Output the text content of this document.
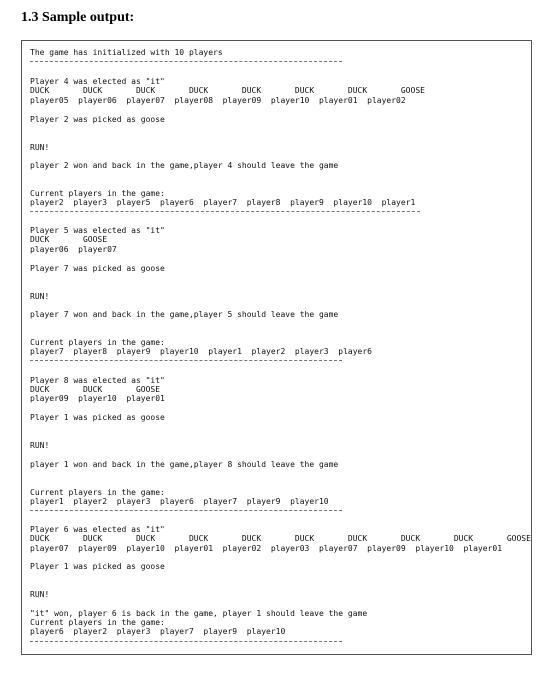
1.3 Sample output:
The game has initialized with 10 players
Player 4 was elected as "it"
DUCK       DUCK       DUCK       DUCK       DUCK       DUCK       DUCK       GOOSE
player05  player06  player07  player08  player09  player10  player01  player02
Player 2 was picked as goose
RUN!
player 2 won and back in the game,player 4 should leave the game
Current players in the game:
player2  player3  player5  player6  player7  player8  player9  player10  player1
Player 5 was elected as "it"
DUCK       GOOSE
player06  player07
Player 7 was picked as goose
RUN!
player 7 won and back in the game,player 5 should leave the game
Current players in the game:
player7  player8  player9  player10  player1  player2  player3  player6
Player 8 was elected as "it"
DUCK       DUCK       GOOSE
player09  player10  player01
Player 1 was picked as goose
RUN!
player 1 won and back in the game,player 8 should leave the game
Current players in the game:
player1  player2  player3  player6  player7  player9  player10
Player 6 was elected as "it"
DUCK       DUCK       DUCK       DUCK       DUCK       DUCK       DUCK       DUCK       DUCK       GOOSE
player07  player09  player10  player01  player02  player03  player07  player09  player10  player01
Player 1 was picked as goose
RUN!
"it" won, player 6 is back in the game, player 1 should leave the game
Current players in the game:
player6  player2  player3  player7  player9  player10
